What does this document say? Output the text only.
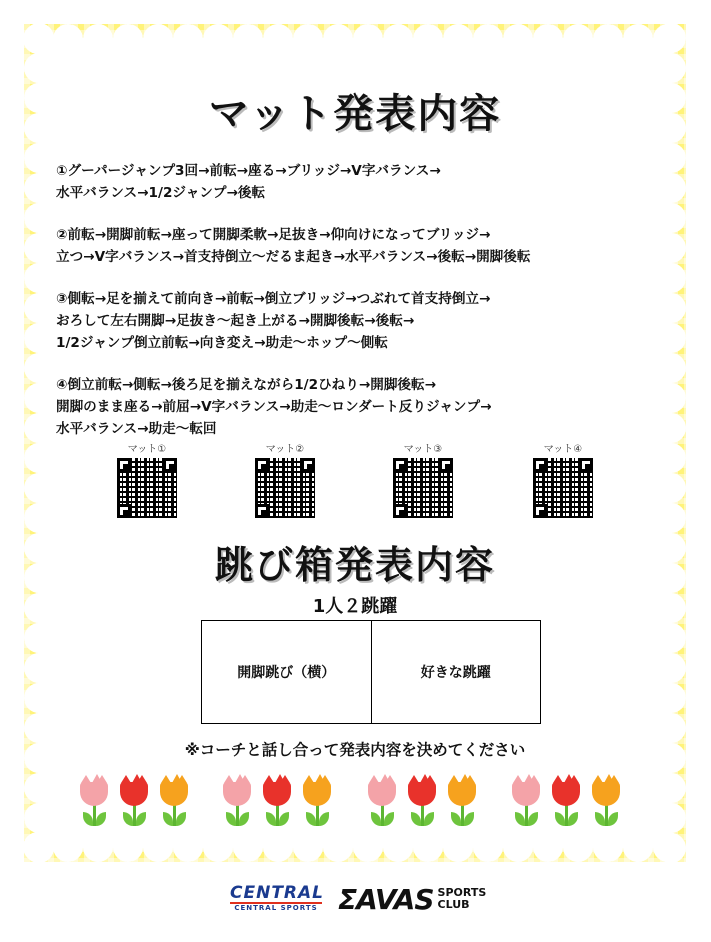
マット発表内容
①グーパージャンプ3回→前転→座る→ブリッジ→V字バランス→
水平バランス→1/2ジャンプ→後転
②前転→開脚前転→座って開脚柔軟→足抜き→仰向けになってブリッジ→
立つ→V字バランス→首支持倒立～だるま起き→水平バランス→後転→開脚後転
③側転→足を揃えて前向き→前転→倒立ブリッジ→つぶれて首支持倒立→
おろして左右開脚→足抜き～起き上がる→開脚後転→後転→
1/2ジャンプ倒立前転→向き変え→助走～ホップ～側転
④倒立前転→側転→後ろ足を揃えながら1/2ひねり→開脚後転→
開脚のまま座る→前屈→V字バランス→助走～ロンダート反りジャンプ→
水平バランス→助走～転回
マット①	マット②	マット③	マット④
跳び箱発表内容
1人２跳躍
開脚跳び（横）	好きな跳躍
※コーチと話し合って発表内容を決めてください
CENTRAL
CENTRAL SPORTS ΣAVAS SPORTS
CLUB
